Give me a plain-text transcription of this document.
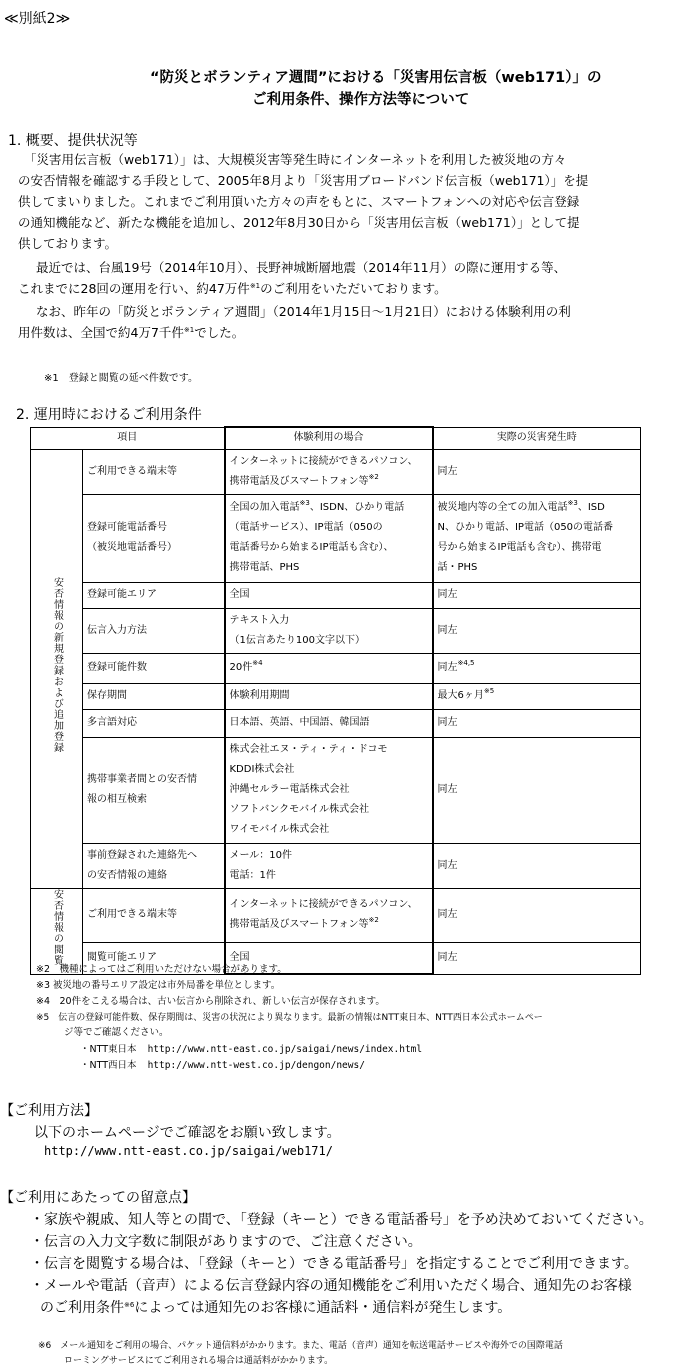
≪別紙2≫
“防災とボランティア週間”における「災害用伝言板（web171）」の
ご利用条件、操作方法等について
1. 概要、提供状況等
「災害用伝言板（web171）」は、大規模災害等発生時にインターネットを利用した被災地の方々
の安否情報を確認する手段として、2005年8月より「災害用ブロードバンド伝言板（web171）」を提
供してまいりました。これまでご利用頂いた方々の声をもとに、スマートフォンへの対応や伝言登録
の通知機能など、新たな機能を追加し、2012年8月30日から「災害用伝言板（web171）」として提
供しております。
最近では、台風19号（2014年10月）、長野神城断層地震（2014年11月）の際に運用する等、
これまでに28回の運用を行い、約47万件$^{※1}$のご利用をいただいております。
なお、昨年の「防災とボランティア週間」（2014年1月15日～1月21日）における体験利用の利
用件数は、全国で約4万7千件$^{※1}$でした。
※1　登録と閲覧の延べ件数です。
2. 運用時におけるご利用条件
項目		体験利用の場合	実際の災害発生時
安否情報の新規登録および追加登録	ご利用できる端末等	インターネットに接続ができるパソコン、
携帯電話及びスマートフォン等$^{※2}$	同左
	登録可能電話番号
（被災地電話番号）	全国の加入電話$^{※3}$、ISDN、ひかり電話
（電話サービス）、IP電話（050の
電話番号から始まるIP電話も含む）、
携帯電話、PHS	被災地内等の全ての加入電話$^{※3}$、ISD
N、ひかり電話、IP電話（050の電話番
号から始まるIP電話も含む）、携帯電
話・PHS
	登録可能エリア	全国	同左
	伝言入力方法	テキスト入力
（1伝言あたり100文字以下）	同左
	登録可能件数	20件$^{※4}$	同左$^{※4,5}$
	保存期間	体験利用期間	最大6ヶ月$^{※5}$
	多言語対応	日本語、英語、中国語、韓国語	同左
	携帯事業者間との安否情
報の相互検索	株式会社エヌ・ティ・ティ・ドコモ
KDDI株式会社
沖縄セルラー電話株式会社
ソフトバンクモバイル株式会社
ワイモバイル株式会社	同左
	事前登録された連絡先へ
の安否情報の連絡	メール：10件
電話：1件	同左
安否情報の閲覧	ご利用できる端末等	インターネットに接続ができるパソコン、
携帯電話及びスマートフォン等$^{※2}$	同左
	閲覧可能エリア	全国	同左
※2　機種によってはご利用いただけない場合があります。
※3 被災地の番号エリア設定は市外局番を単位とします。
※4　20件をこえる場合は、古い伝言から削除され、新しい伝言が保存されます。
※5　伝言の登録可能件数、保存期間は、災害の状況により異なります。最新の情報はNTT東日本、NTT西日本公式ホームペー
ジ等でご確認ください。
・NTT東日本 http://www.ntt-east.co.jp/saigai/news/index.html
・NTT西日本 http://www.ntt-west.co.jp/dengon/news/
【ご利用方法】
以下のホームページでご確認をお願い致します。
http://www.ntt-east.co.jp/saigai/web171/
【ご利用にあたっての留意点】
・家族や親戚、知人等との間で、「登録（キーと）できる電話番号」を予め決めておいてください。
・伝言の入力文字数に制限がありますので、ご注意ください。
・伝言を閲覧する場合は、「登録（キーと）できる電話番号」を指定することでご利用できます。
・メールや電話（音声）による伝言登録内容の通知機能をご利用いただく場合、通知先のお客様
のご利用条件$^{※6}$によっては通知先のお客様に通話料・通信料が発生します。
※6　メール通知をご利用の場合、パケット通信料がかかります。また、電話（音声）通知を転送電話サービスや海外での国際電話
ローミングサービスにてご利用される場合は通話料がかかります。
